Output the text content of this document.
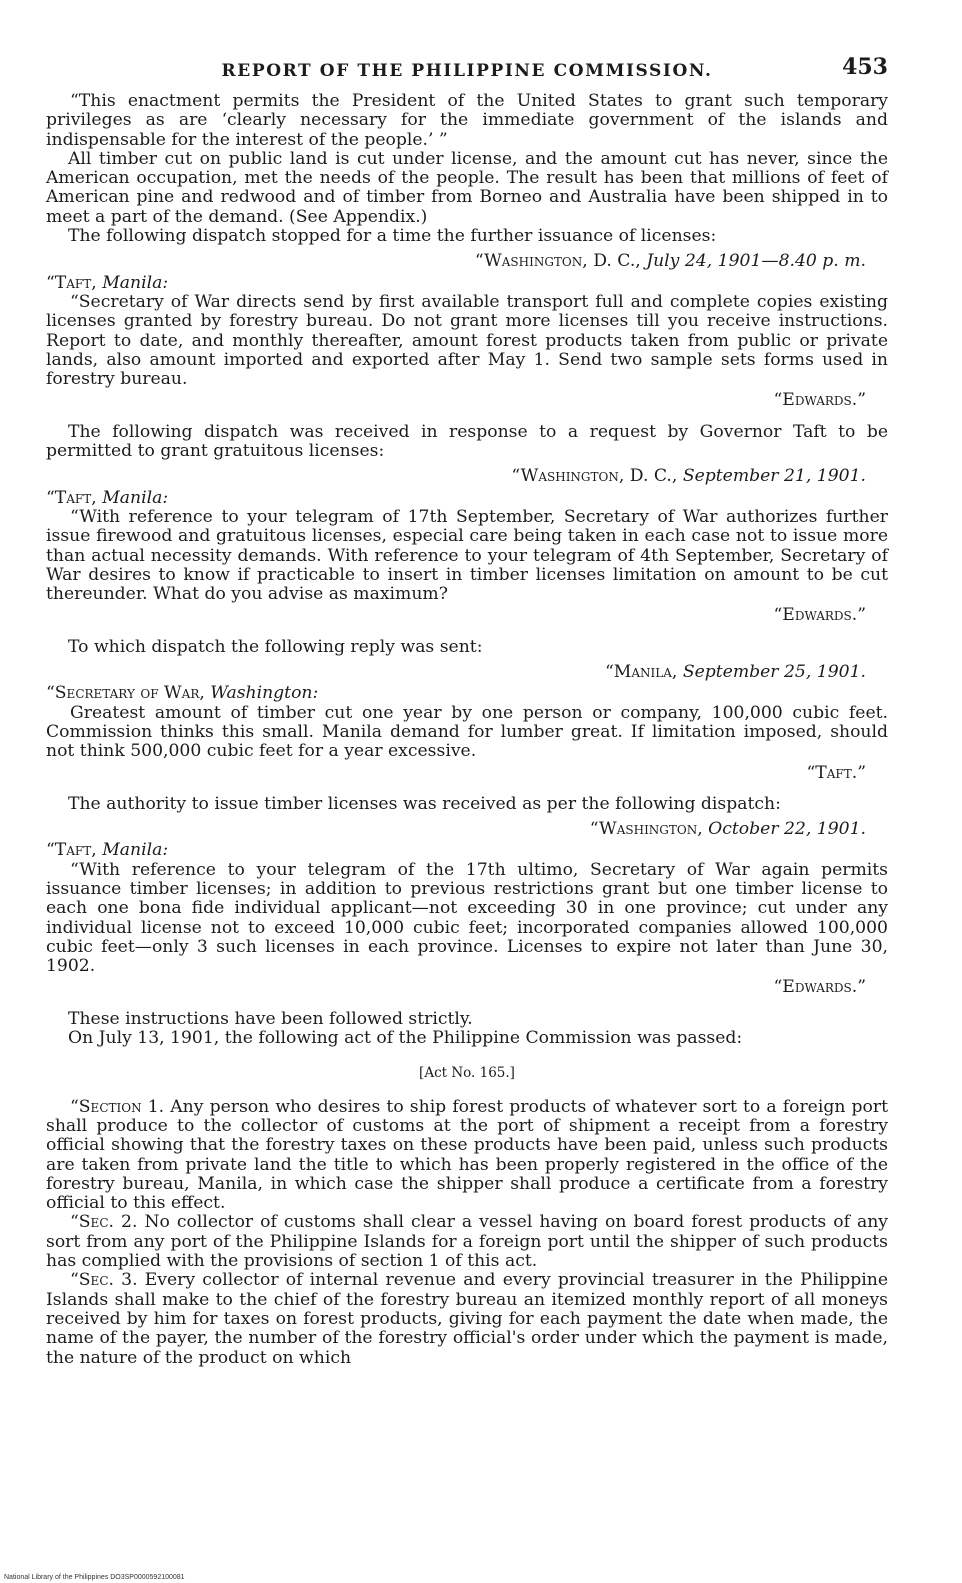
REPORT OF THE PHILIPPINE COMMISSION.	453

“This enactment permits the President of the United States to grant such temporary privileges as are ‘clearly necessary for the immediate government of the islands and indispensable for the interest of the people.’ ”

All timber cut on public land is cut under license, and the amount cut has never, since the American occupation, met the needs of the people. The result has been that millions of feet of American pine and redwood and of timber from Borneo and Australia have been shipped in to meet a part of the demand. (See Appendix.)

The following dispatch stopped for a time the further issuance of licenses:

“Washington, D. C., July 24, 1901—8.40 p. m.
“Taft, Manila:

“Secretary of War directs send by first available transport full and complete copies existing licenses granted by forestry bureau. Do not grant more licenses till you receive instructions. Report to date, and monthly thereafter, amount forest products taken from public or private lands, also amount imported and exported after May 1. Send two sample sets forms used in forestry bureau.

“Edwards.”

The following dispatch was received in response to a request by Governor Taft to be permitted to grant gratuitous licenses:

“Washington, D. C., September 21, 1901.
“Taft, Manila:

“With reference to your telegram of 17th September, Secretary of War authorizes further issue firewood and gratuitous licenses, especial care being taken in each case not to issue more than actual necessity demands. With reference to your telegram of 4th September, Secretary of War desires to know if practicable to insert in timber licenses limitation on amount to be cut thereunder. What do you advise as maximum?

“Edwards.”

To which dispatch the following reply was sent:

“Manila, September 25, 1901.
“Secretary of War, Washington:

Greatest amount of timber cut one year by one person or company, 100,000 cubic feet. Commission thinks this small. Manila demand for lumber great. If limitation imposed, should not think 500,000 cubic feet for a year excessive.

“Taft.”

The authority to issue timber licenses was received as per the following dispatch:

“Washington, October 22, 1901.
“Taft, Manila:

“With reference to your telegram of the 17th ultimo, Secretary of War again permits issuance timber licenses; in addition to previous restrictions grant but one timber license to each one bona fide individual applicant—not exceeding 30 in one province; cut under any individual license not to exceed 10,000 cubic feet; incorporated companies allowed 100,000 cubic feet—only 3 such licenses in each province. Licenses to expire not later than June 30, 1902.

“Edwards.”

These instructions have been followed strictly.

On July 13, 1901, the following act of the Philippine Commission was passed:

[Act No. 165.]

“Section 1. Any person who desires to ship forest products of whatever sort to a foreign port shall produce to the collector of customs at the port of shipment a receipt from a forestry official showing that the forestry taxes on these products have been paid, unless such products are taken from private land the title to which has been properly registered in the office of the forestry bureau, Manila, in which case the shipper shall produce a certificate from a forestry official to this effect.

“Sec. 2. No collector of customs shall clear a vessel having on board forest products of any sort from any port of the Philippine Islands for a foreign port until the shipper of such products has complied with the provisions of section 1 of this act.

“Sec. 3. Every collector of internal revenue and every provincial treasurer in the Philippine Islands shall make to the chief of the forestry bureau an itemized monthly report of all moneys received by him for taxes on forest products, giving for each payment the date when made, the name of the payer, the number of the forestry official's order under which the payment is made, the nature of the product on which

National Library of the Philippines DO3SP0000592100081
